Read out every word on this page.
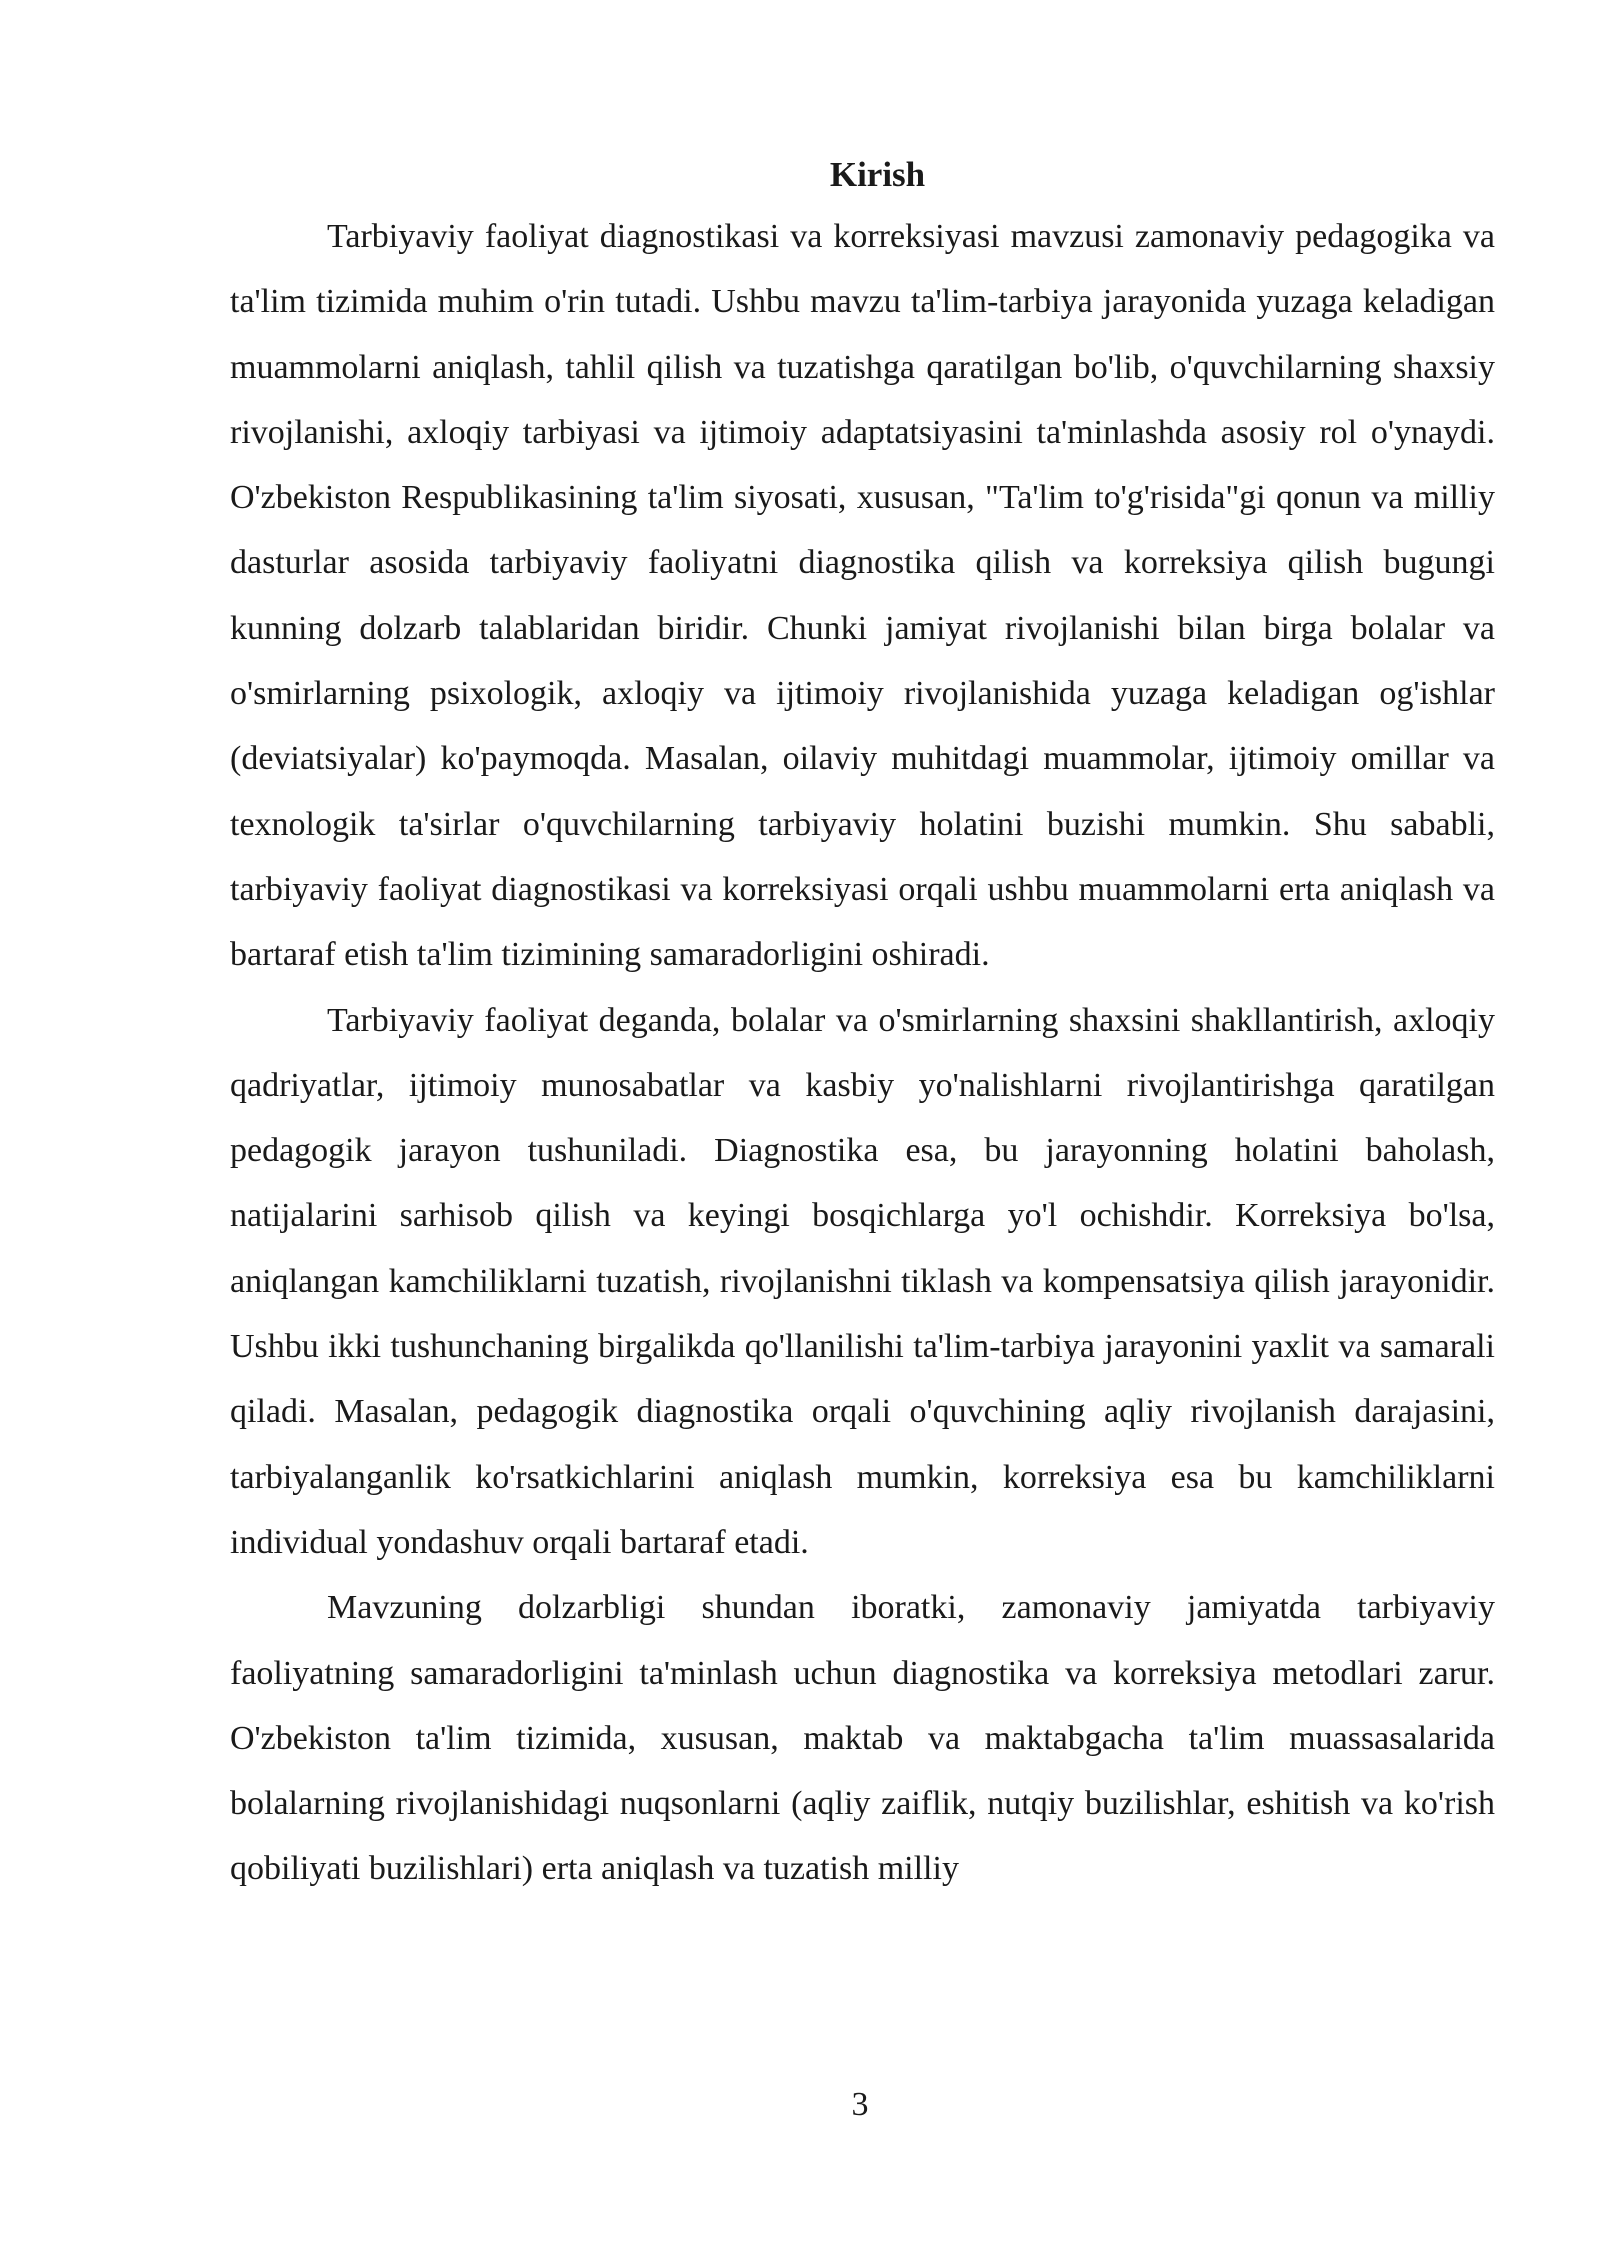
Kirish

Tarbiyaviy faoliyat diagnostikasi va korreksiyasi mavzusi zamonaviy pedagogika va ta'lim tizimida muhim o'rin tutadi. Ushbu mavzu ta'lim-tarbiya jarayonida yuzaga keladigan muammolarni aniqlash, tahlil qilish va tuzatishga qaratilgan bo'lib, o'quvchilarning shaxsiy rivojlanishi, axloqiy tarbiyasi va ijtimoiy adaptatsiyasini ta'minlashda asosiy rol o'ynaydi. O'zbekiston Respublikasining ta'lim siyosati, xususan, "Ta'lim to'g'risida"gi qonun va milliy dasturlar asosida tarbiyaviy faoliyatni diagnostika qilish va korreksiya qilish bugungi kunning dolzarb talablaridan biridir. Chunki jamiyat rivojlanishi bilan birga bolalar va o'smirlarning psixologik, axloqiy va ijtimoiy rivojlanishida yuzaga keladigan og'ishlar (deviatsiyalar) ko'paymoqda. Masalan, oilaviy muhitdagi muammolar, ijtimoiy omillar va texnologik ta'sirlar o'quvchilarning tarbiyaviy holatini buzishi mumkin. Shu sababli, tarbiyaviy faoliyat diagnostikasi va korreksiyasi orqali ushbu muammolarni erta aniqlash va bartaraf etish ta'lim tizimining samaradorligini oshiradi.

Tarbiyaviy faoliyat deganda, bolalar va o'smirlarning shaxsini shakllantirish, axloqiy qadriyatlar, ijtimoiy munosabatlar va kasbiy yo'nalishlarni rivojlantirishga qaratilgan pedagogik jarayon tushuniladi. Diagnostika esa, bu jarayonning holatini baholash, natijalarini sarhisob qilish va keyingi bosqichlarga yo'l ochishdir. Korreksiya bo'lsa, aniqlangan kamchiliklarni tuzatish, rivojlanishni tiklash va kompensatsiya qilish jarayonidir. Ushbu ikki tushunchaning birgalikda qo'llanilishi ta'lim-tarbiya jarayonini yaxlit va samarali qiladi. Masalan, pedagogik diagnostika orqali o'quvchining aqliy rivojlanish darajasini, tarbiyalanganlik ko'rsatkichlarini aniqlash mumkin, korreksiya esa bu kamchiliklarni individual yondashuv orqali bartaraf etadi.

Mavzuning dolzarbligi shundan iboratki, zamonaviy jamiyatda tarbiyaviy faoliyatning samaradorligini ta'minlash uchun diagnostika va korreksiya metodlari zarur. O'zbekiston ta'lim tizimida, xususan, maktab va maktabgacha ta'lim muassasalarida bolalarning rivojlanishidagi nuqsonlarni (aqliy zaiflik, nutqiy buzilishlar, eshitish va ko'rish qobiliyati buzilishlari) erta aniqlash va tuzatish milliy

3
